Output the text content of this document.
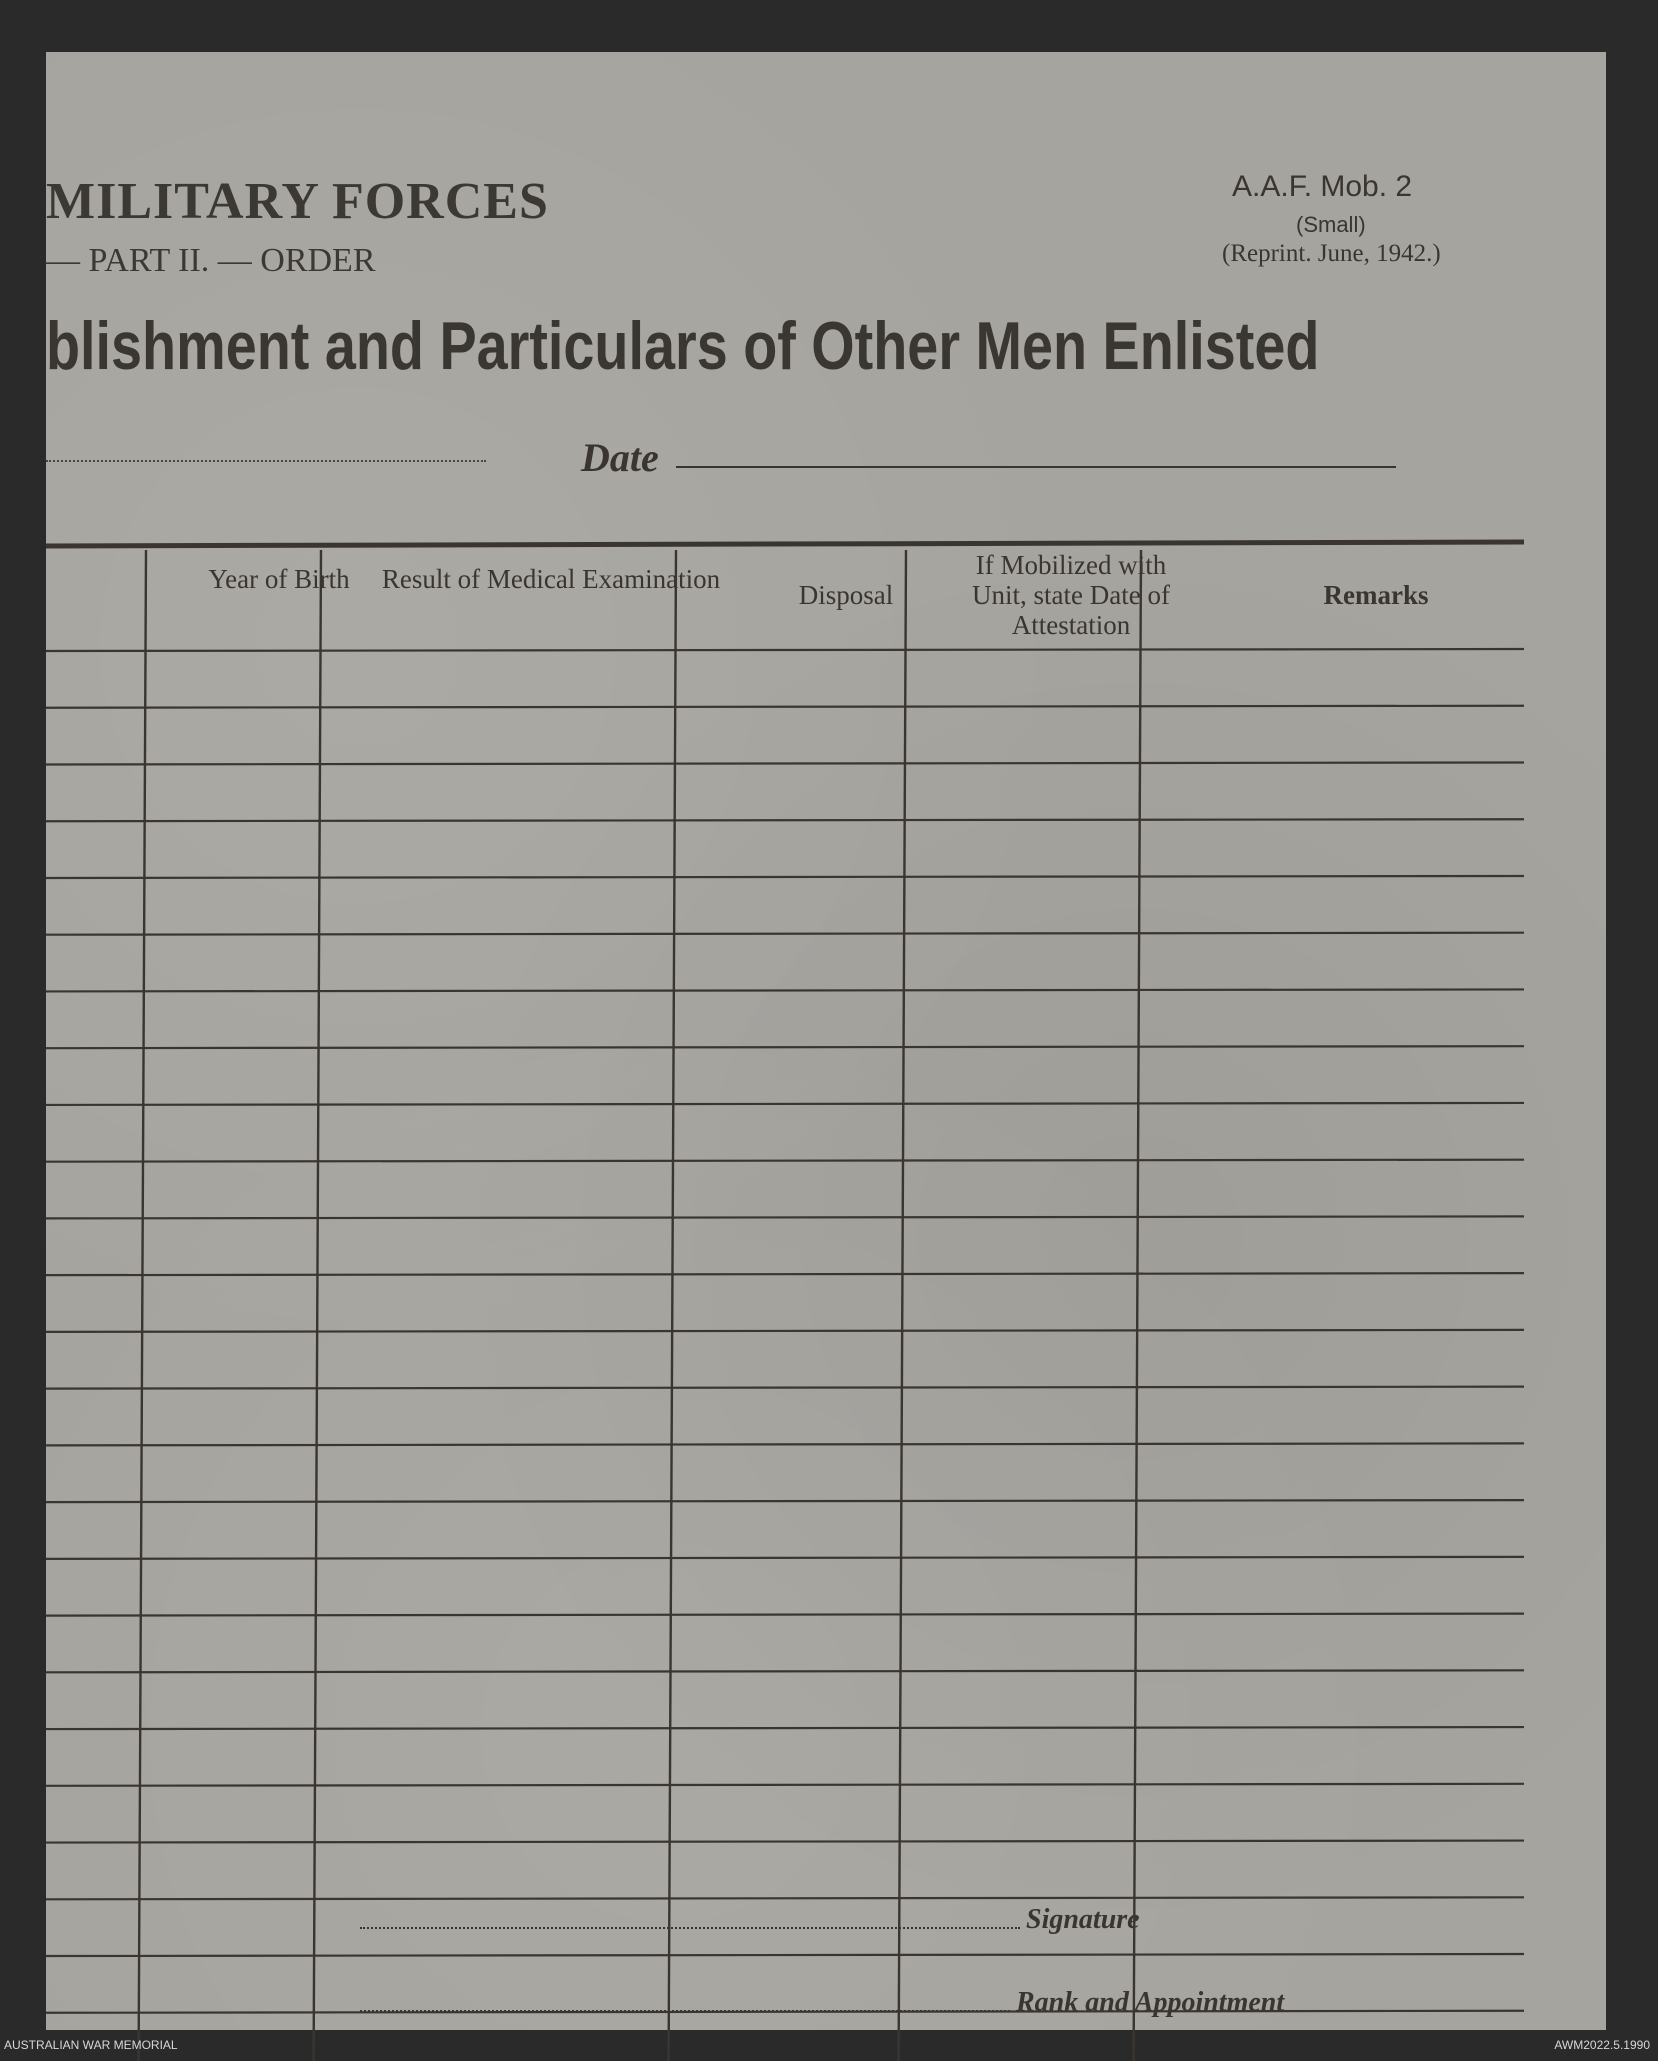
MILITARY FORCES
— PART II. — ORDER
blishment and Particulars of Other Men Enlisted
A.A.F. Mob. 2
(Small)
(Reprint. June, 1942.)
Date
Year of Birth	Result of Medical Examination
Disposal
If Mobilized with Unit, state Date of Attestation
Remarks
Signature
Rank and Appointment
AUSTRALIAN WAR MEMORIAL	AWM2022.5.1990
